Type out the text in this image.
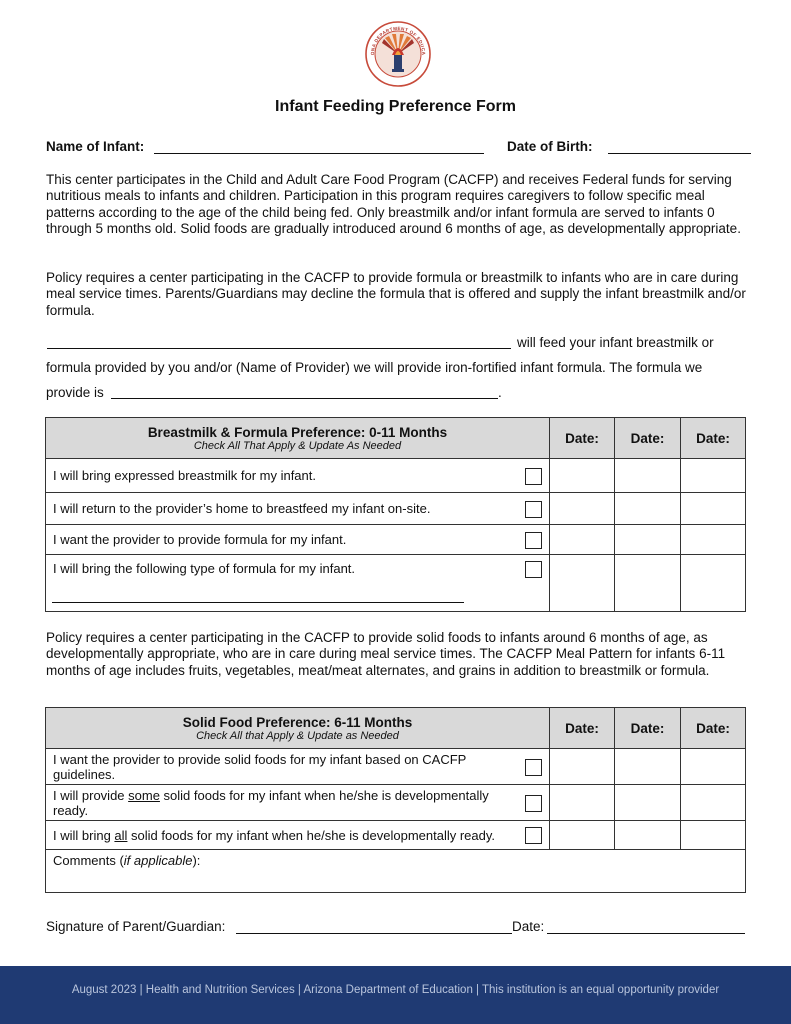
ONA DEPARTMENT OF EDUCA
Infant Feeding Preference Form
Name of Infant:	Date of Birth:

This center participates in the Child and Adult Care Food Program (CACFP) and receives Federal funds for serving nutritious meals to infants and children. Participation in this program requires caregivers to follow specific meal patterns according to the age of the child being fed. Only breastmilk and/or infant formula are served to infants 0 through 5 months old. Solid foods are gradually introduced around 6 months of age, as developmentally appropriate.

Policy requires a center participating in the CACFP to provide formula or breastmilk to infants who are in care during meal service times. Parents/Guardians may decline the formula that is offered and supply the infant breastmilk and/or formula.

will feed your infant breastmilk or
formula provided by you and/or (Name of Provider) we will provide iron-fortified infant formula. The formula we
provide is	.
Breastmilk & Formula Preference: 0-11 Months
Check All That Apply & Update As Needed	Date:	Date:	Date:
I will bring expressed breastmilk for my infant.

I will return to the provider’s home to breastfeed my infant on-site.

I want the provider to provide formula for my infant.

I will bring the following type of formula for my infant.

Policy requires a center participating in the CACFP to provide solid foods to infants around 6 months of age, as developmentally appropriate, who are in care during meal service times. The CACFP Meal Pattern for infants 6-11 months of age includes fruits, vegetables, meat/meat alternates, and grains in addition to breastmilk or formula.

Solid Food Preference: 6-11 Months
Check All that Apply & Update as Needed	Date:	Date:	Date:
I want the provider to provide solid foods for my infant based on CACFP guidelines.

I will provide some solid foods for my infant when he/she is developmentally ready.

I will bring all solid foods for my infant when he/she is developmentally ready.

Comments (if applicable):			
Signature of Parent/Guardian:	Date:
August 2023 | Health and Nutrition Services | Arizona Department of Education | This institution is an equal opportunity provider
